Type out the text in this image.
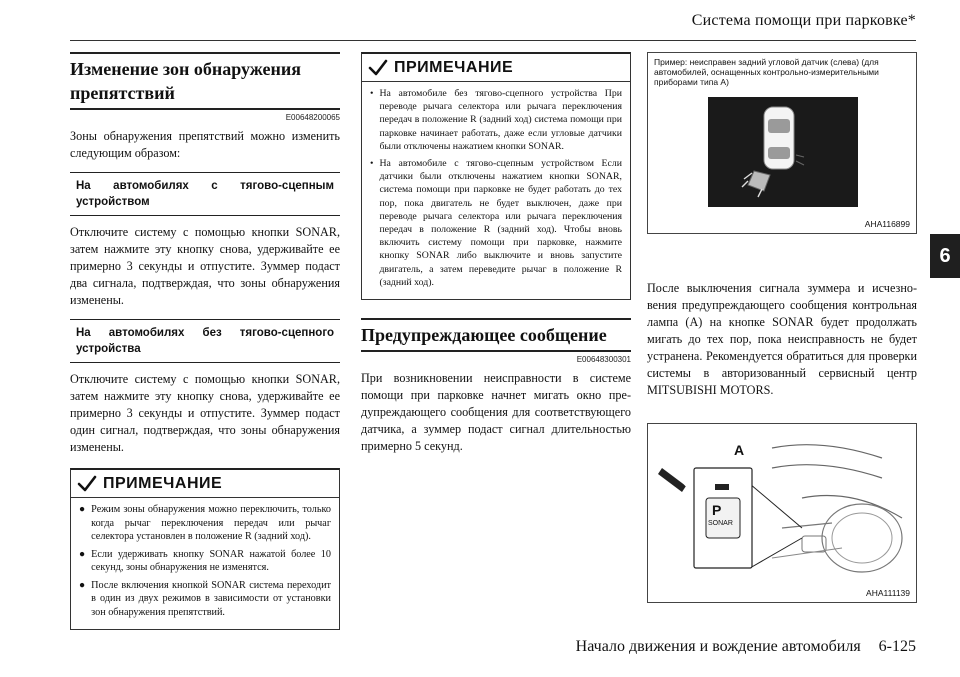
Система помощи при парковке*
6
Изменение зон обнаружения препятствий
E00648200065

Зоны обнаружения препятствий можно изменить следующим образом:

На автомобилях с тягово-сцепным устройством

Отключите систему с помощью кнопки SONAR, затем нажмите эту кнопку снова, удерживайте ее примерно 3 секунды и отпустите. Зуммер подаст два сигнала, подтверждая, что зоны обнаружения изменены.

На автомобилях без тягово-сцепного устройства

Отключите систему с помощью кнопки SONAR, затем нажмите эту кнопку снова, удерживайте ее примерно 3 секунды и отпустите. Зуммер подаст один сигнал, подтверждая, что зоны обнаружения изменены.

ПРИМЕЧАНИЕ
● Режим зоны обнаружения можно переключить, только когда рычаг переключения передач или рычаг селектора установлен в положение R (задний ход).
● Если удерживать кнопку SONAR нажатой более 10 секунд, зоны обнаружения не изменятся.
● После включения кнопкой SONAR система переходит в один из двух режимов в зависимости от установки зон обнаружения препятствий.
ПРИМЕЧАНИЕ
• На автомобиле без тягово-сцепного устройства При переводе рычага селектора или рычага переключения передач в положение R (задний ход) система помощи при парковке начинает работать, даже если угловые датчики были отключены нажатием кнопки SONAR.
• На автомобиле с тягово-сцепным устройством Если датчики были отключены нажатием кнопки SONAR, система помощи при парковке не будет работать до тех пор, пока двигатель не будет выключен, даже при переводе рычага селектора или рычага переключения передач в положение R (задний ход). Чтобы вновь включить систему помощи при парковке, нажмите кнопку SONAR либо выключите и вновь запустите двигатель, а затем переведите рычаг в положение R (задний ход).
Предупреждающее сообщение
E00648300301

При возникновении неисправности в системе помощи при парковке начнет мигать окно предупреждающего сообщения для соответствующего датчика, а зуммер подаст сигнал длительностью примерно 5 секунд.

Пример: неисправен задний угловой датчик (слева) (для автомобилей, оснащенных контрольно-измерительными приборами типа А)
AHA116899

После выключения сигнала зуммера и исчезновения предупреждающего сообщения контрольная лампа (A) на кнопке SONAR будет продолжать мигать до тех пор, пока неисправность не будет устранена. Рекомендуется обратиться для проверки системы в авторизованный сервисный центр MITSUBISHI MOTORS.

A
P
SONAR
AHA111139
Начало движения и вождение автомобиля 6-125
